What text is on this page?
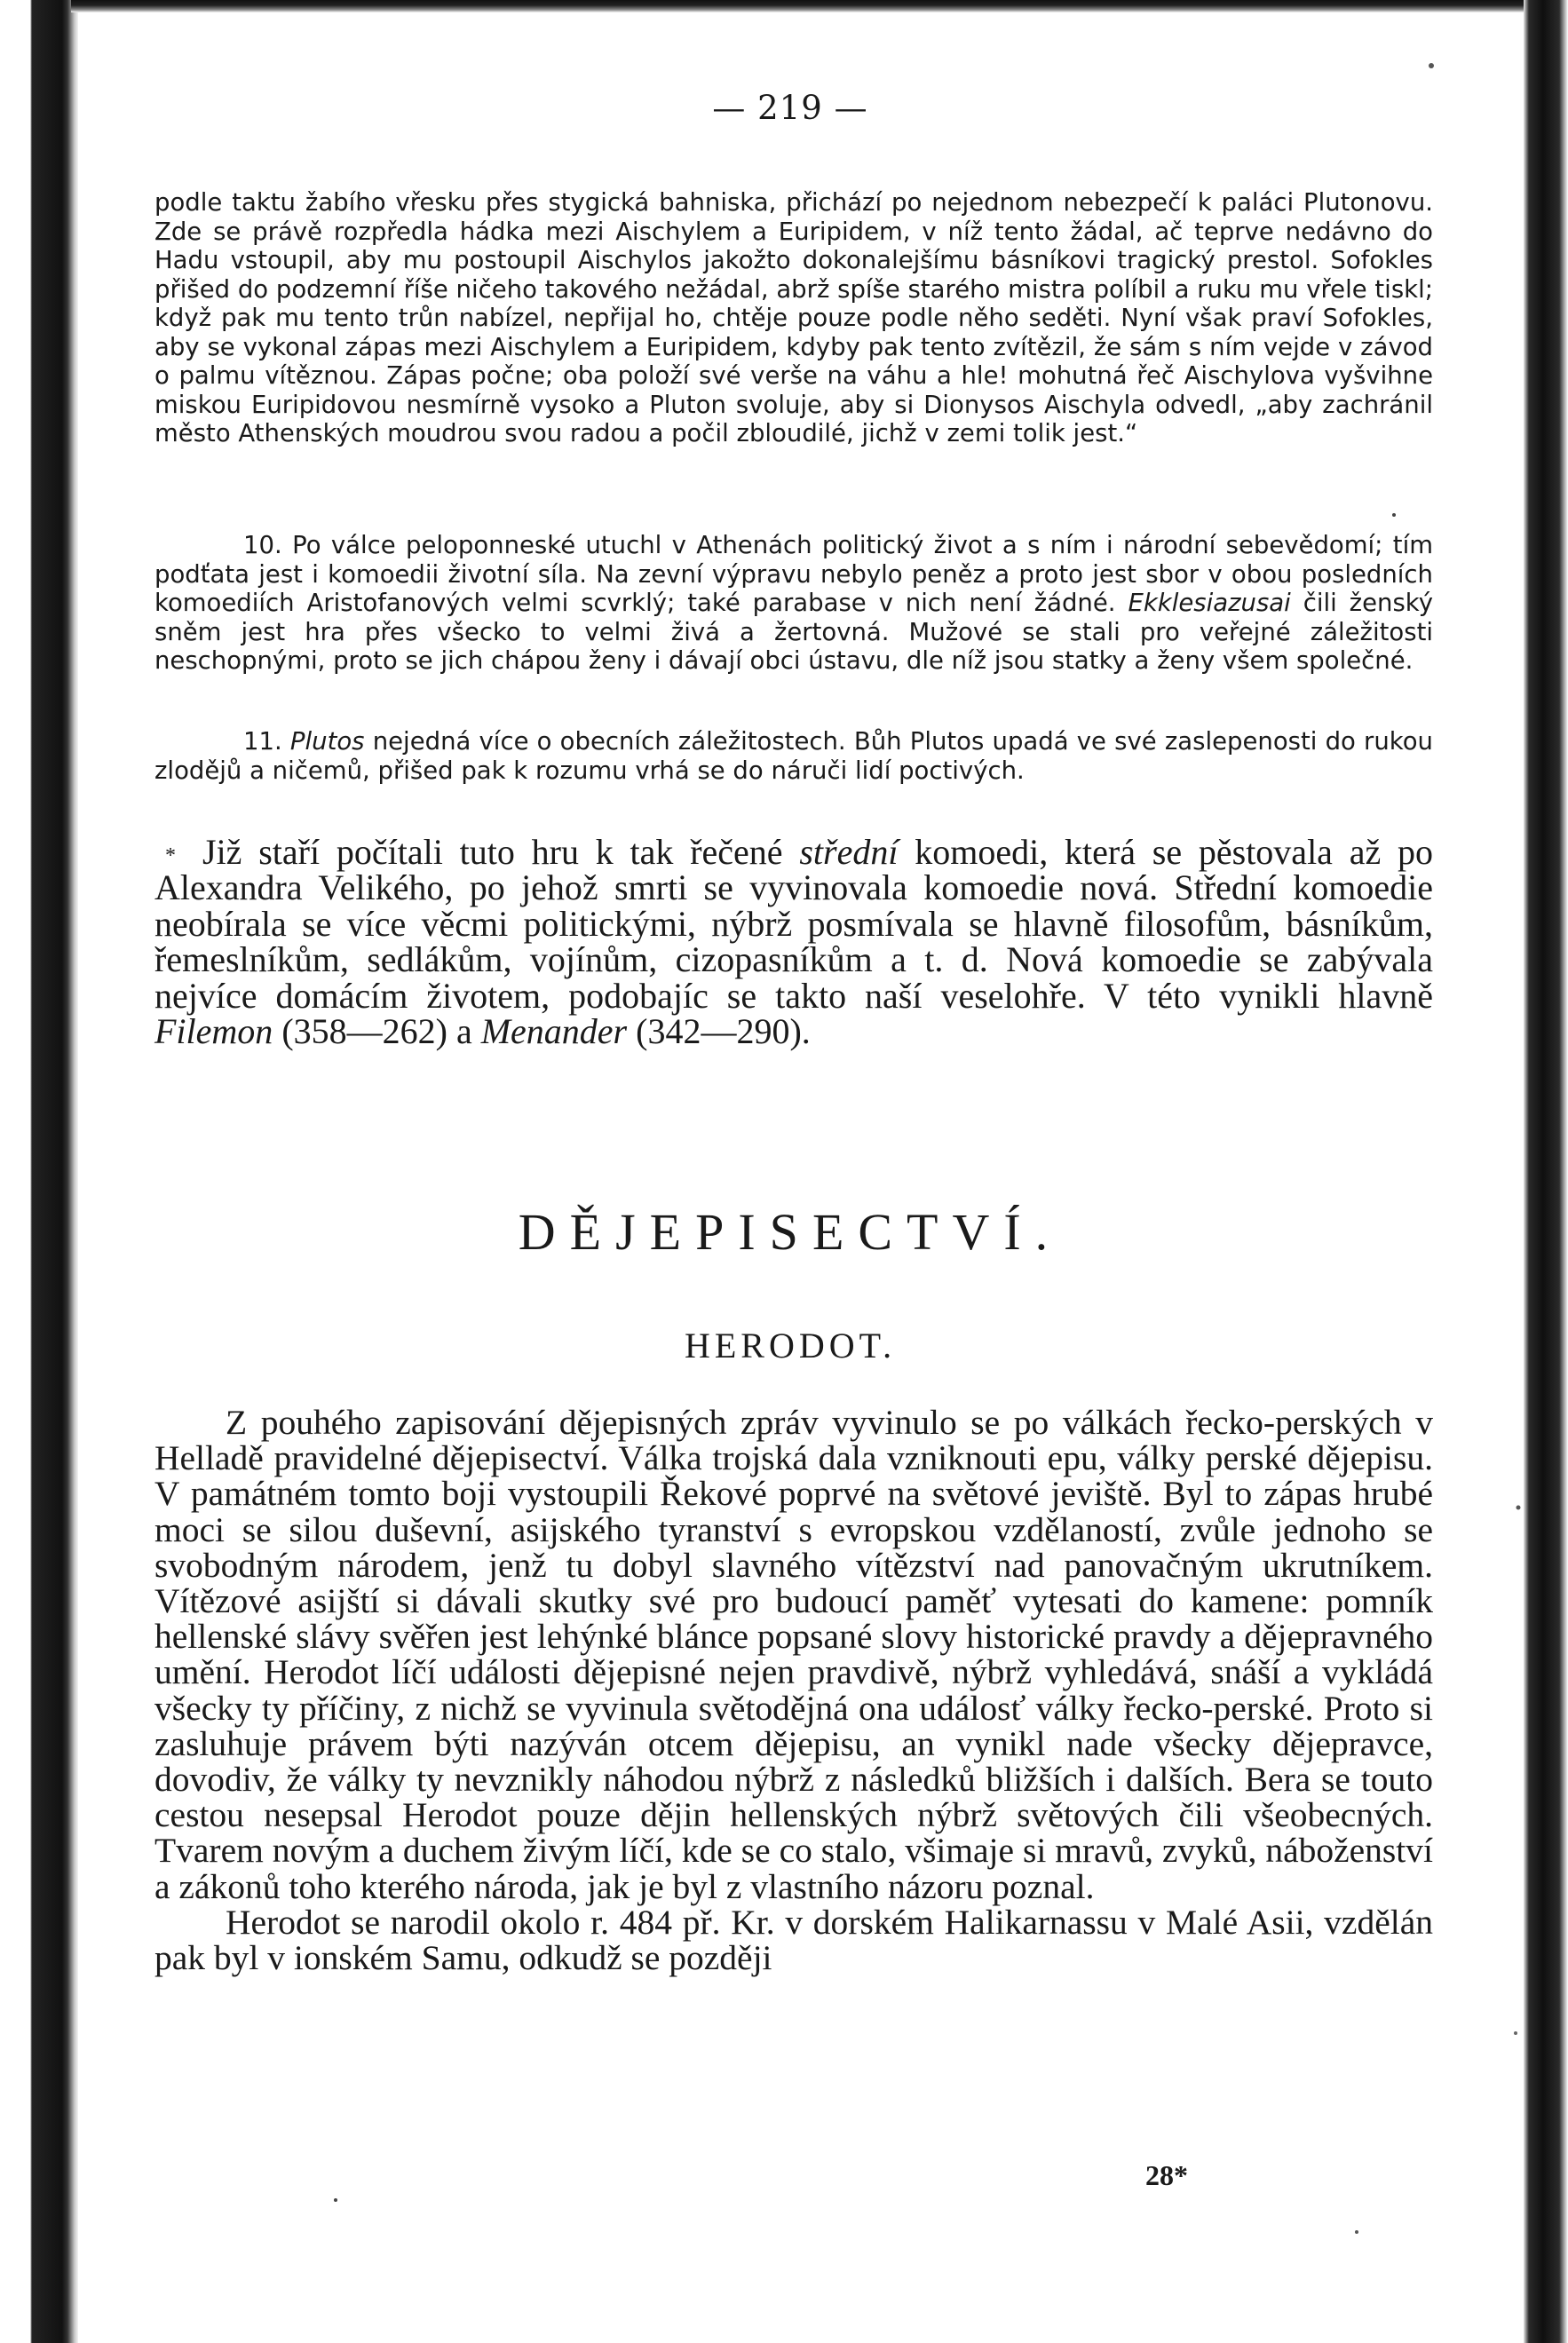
— 219 —

podle taktu žabího vřesku přes stygická bahniska, přichází po nejednom nebezpečí k paláci Plutonovu. Zde se právě rozpředla hádka mezi Aischylem a Euripidem, v níž tento žádal, ač teprve nedávno do Hadu vstoupil, aby mu postoupil Aischylos jakožto dokonalejšímu básníkovi tragický prestol. Sofokles přišed do podzemní říše ničeho takového nežádal, abrž spíše starého mistra políbil a ruku mu vřele tiskl; když pak mu tento trůn nabízel, nepřijal ho, chtěje pouze podle něho seděti. Nyní však praví Sofokles, aby se vykonal zápas mezi Aischylem a Euripidem, kdyby pak tento zvítězil, že sám s ním vejde v závod o palmu vítěznou. Zápas počne; oba položí své verše na váhu a hle! mohutná řeč Aischylova vyšvihne miskou Euripidovou nesmírně vysoko a Pluton svoluje, aby si Dionysos Aischyla odvedl, „aby zachránil město Athenských moudrou svou radou a počil zbloudilé, jichž v zemi tolik jest.“

10. Po válce peloponneské utuchl v Athenách politický život a s ním i národní sebevědomí; tím podťata jest i komoedii životní síla. Na zevní výpravu nebylo peněz a proto jest sbor v obou posledních komoediích Aristofanových velmi scvrklý; také parabase v nich není žádné. Ekklesiazusai čili ženský sněm jest hra přes všecko to velmi živá a žertovná. Mužové se stali pro veřejné záležitosti neschopnými, proto se jich chápou ženy i dávají obci ústavu, dle níž jsou statky a ženy všem společné.

11. Plutos nejedná více o obecních záležitostech. Bůh Plutos upadá ve své zaslepenosti do rukou zlodějů a ničemů, přišed pak k rozumu vrhá se do náruči lidí poctivých.

* Již staří počítali tuto hru k tak řečené střední komoedi, která se pěstovala až po Alexandra Velikého, po jehož smrti se vyvinovala komoedie nová. Střední komoedie neobírala se více věcmi politickými, nýbrž posmívala se hlavně filosofům, básníkům, řemeslníkům, sedlákům, vojínům, cizopasníkům a t. d. Nová komoedie se zabývala nejvíce domácím životem, podobajíc se takto naší veselohře. V této vynikli hlavně Filemon (358—262) a Menander (342—290).
DĚJEPISECTVÍ.
HERODOT.

Z pouhého zapisování dějepisných zpráv vyvinulo se po válkách řecko-perských v Helladě pravidelné dějepisectví. Válka trojská dala vzniknouti epu, války perské dějepisu. V památném tomto boji vystoupili Řekové poprvé na světové jeviště. Byl to zápas hrubé moci se silou duševní, asijského tyranství s evropskou vzdělaností, zvůle jednoho se svobodným národem, jenž tu dobyl slavného vítězství nad panovačným ukrutníkem. Vítězové asijští si dávali skutky své pro budoucí paměť vytesati do kamene: pomník hellenské slávy svěřen jest lehýnké blánce popsané slovy historické pravdy a dějepravného umění. Herodot líčí události dějepisné nejen pravdivě, nýbrž vyhledává, snáší a vykládá všecky ty příčiny, z nichž se vyvinula světodějná ona událosť války řecko-perské. Proto si zasluhuje právem býti nazýván otcem dějepisu, an vynikl nade všecky dějepravce, dovodiv, že války ty nevznikly náhodou nýbrž z následků bližších i dalších. Bera se touto cestou nesepsal Herodot pouze dějin hellenských nýbrž světových čili všeobecných. Tvarem novým a duchem živým líčí, kde se co stalo, všimaje si mravů, zvyků, náboženství a zákonů toho kterého národa, jak je byl z vlastního názoru poznal.

Herodot se narodil okolo r. 484 př. Kr. v dorském Halikarnassu v Malé Asii, vzdělán pak byl v ionském Samu, odkudž se později

28*
